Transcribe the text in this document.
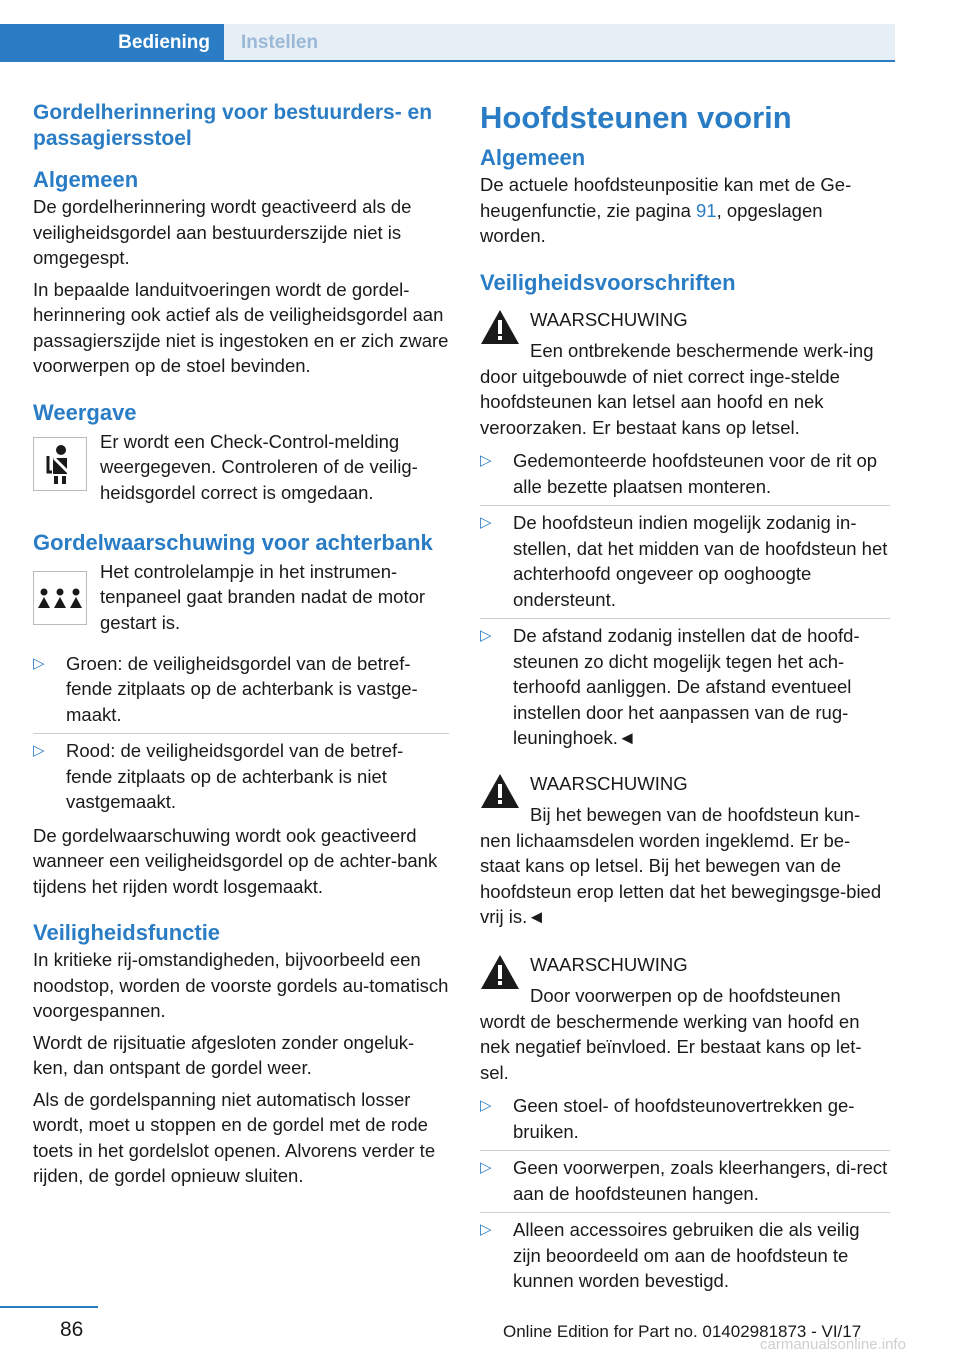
Bediening	Instellen
Gordelherinnering voor bestuurders- en passagiersstoel
Algemeen

De gordelherinnering wordt geactiveerd als de veiligheidsgordel aan bestuurderszijde niet is omgegespt.

In bepaalde landuitvoeringen wordt de gordel-herinnering ook actief als de veiligheidsgordel aan passagierszijde niet is ingestoken en er zich zware voorwerpen op de stoel bevinden.

Weergave
Er wordt een Check-Control-melding weergegeven. Controleren of de veilig-heidsgordel correct is omgedaan.
Gordelwaarschuwing voor achterbank
Het controlelampje in het instrumen-tenpaneel gaat branden nadat de motor gestart is.
▷ Groen: de veiligheidsgordel van de betref-fende zitplaats op de achterbank is vastge-maakt.
▷ Rood: de veiligheidsgordel van de betref-fende zitplaats op de achterbank is niet vastgemaakt.

De gordelwaarschuwing wordt ook geactiveerd wanneer een veiligheidsgordel op de achter-bank tijdens het rijden wordt losgemaakt.

Veiligheidsfunctie

In kritieke rij-omstandigheden, bijvoorbeeld een noodstop, worden de voorste gordels au-tomatisch voorgespannen.

Wordt de rijsituatie afgesloten zonder ongeluk-ken, dan ontspant de gordel weer.

Als de gordelspanning niet automatisch losser wordt, moet u stoppen en de gordel met de rode toets in het gordelslot openen. Alvorens verder te rijden, de gordel opnieuw sluiten.

Hoofdsteunen voorin
Algemeen

De actuele hoofdsteunpositie kan met de Ge-heugenfunctie, zie pagina 91, opgeslagen worden.

Veiligheidsvoorschriften
WAARSCHUWING
Een ontbrekende beschermende werk-ing door uitgebouwde of niet correct inge-stelde hoofdsteunen kan letsel aan hoofd en nek veroorzaken. Er bestaat kans op letsel.
▷ Gedemonteerde hoofdsteunen voor de rit op alle bezette plaatsen monteren.
▷ De hoofdsteun indien mogelijk zodanig in-stellen, dat het midden van de hoofdsteun het achterhoofd ongeveer op ooghoogte ondersteunt.
▷ De afstand zodanig instellen dat de hoofd-steunen zo dicht mogelijk tegen het ach-terhoofd aanliggen. De afstand eventueel instellen door het aanpassen van de rug-leuninghoek.◄
WAARSCHUWING
Bij het bewegen van de hoofdsteun kun-nen lichaamsdelen worden ingeklemd. Er be-staat kans op letsel. Bij het bewegen van de hoofdsteun erop letten dat het bewegingsge-bied vrij is.◄
WAARSCHUWING
Door voorwerpen op de hoofdsteunen wordt de beschermende werking van hoofd en nek negatief beïnvloed. Er bestaat kans op let-sel.
▷ Geen stoel- of hoofdsteunovertrekken ge-bruiken.
▷ Geen voorwerpen, zoals kleerhangers, di-rect aan de hoofdsteunen hangen.
▷ Alleen accessoires gebruiken die als veilig zijn beoordeeld om aan de hoofdsteun te kunnen worden bevestigd.
86	Online Edition for Part no. 01402981873 - VI/17
carmanualsonline.info
